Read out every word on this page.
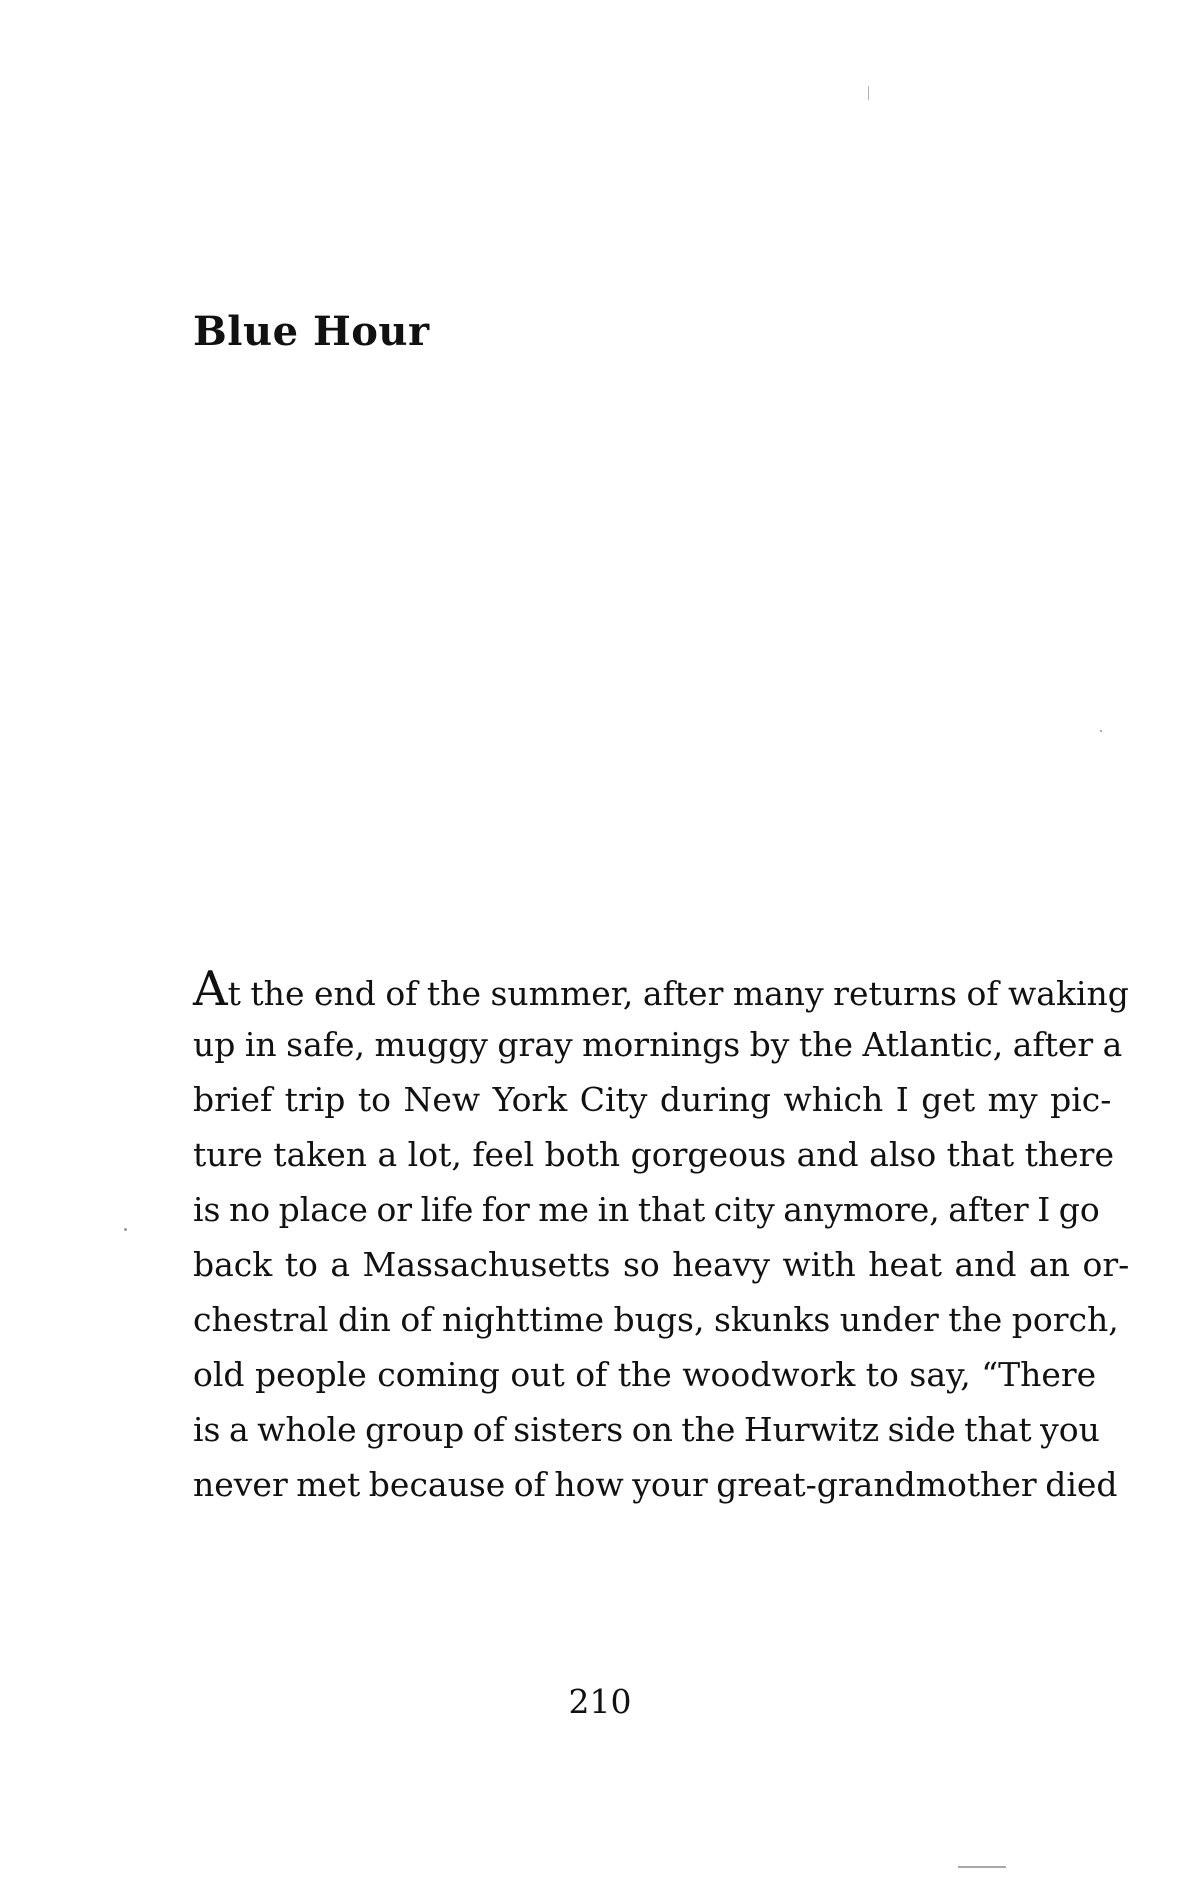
Blue Hour
At the end of the summer, after many returns of waking
up in safe, muggy gray mornings by the Atlantic, after a
brief trip to New York City during which I get my pic-
ture taken a lot, feel both gorgeous and also that there
is no place or life for me in that city anymore, after I go
back to a Massachusetts so heavy with heat and an or-
chestral din of nighttime bugs, skunks under the porch,
old people coming out of the woodwork to say, “There
is a whole group of sisters on the Hurwitz side that you
never met because of how your great-grandmother died
210
